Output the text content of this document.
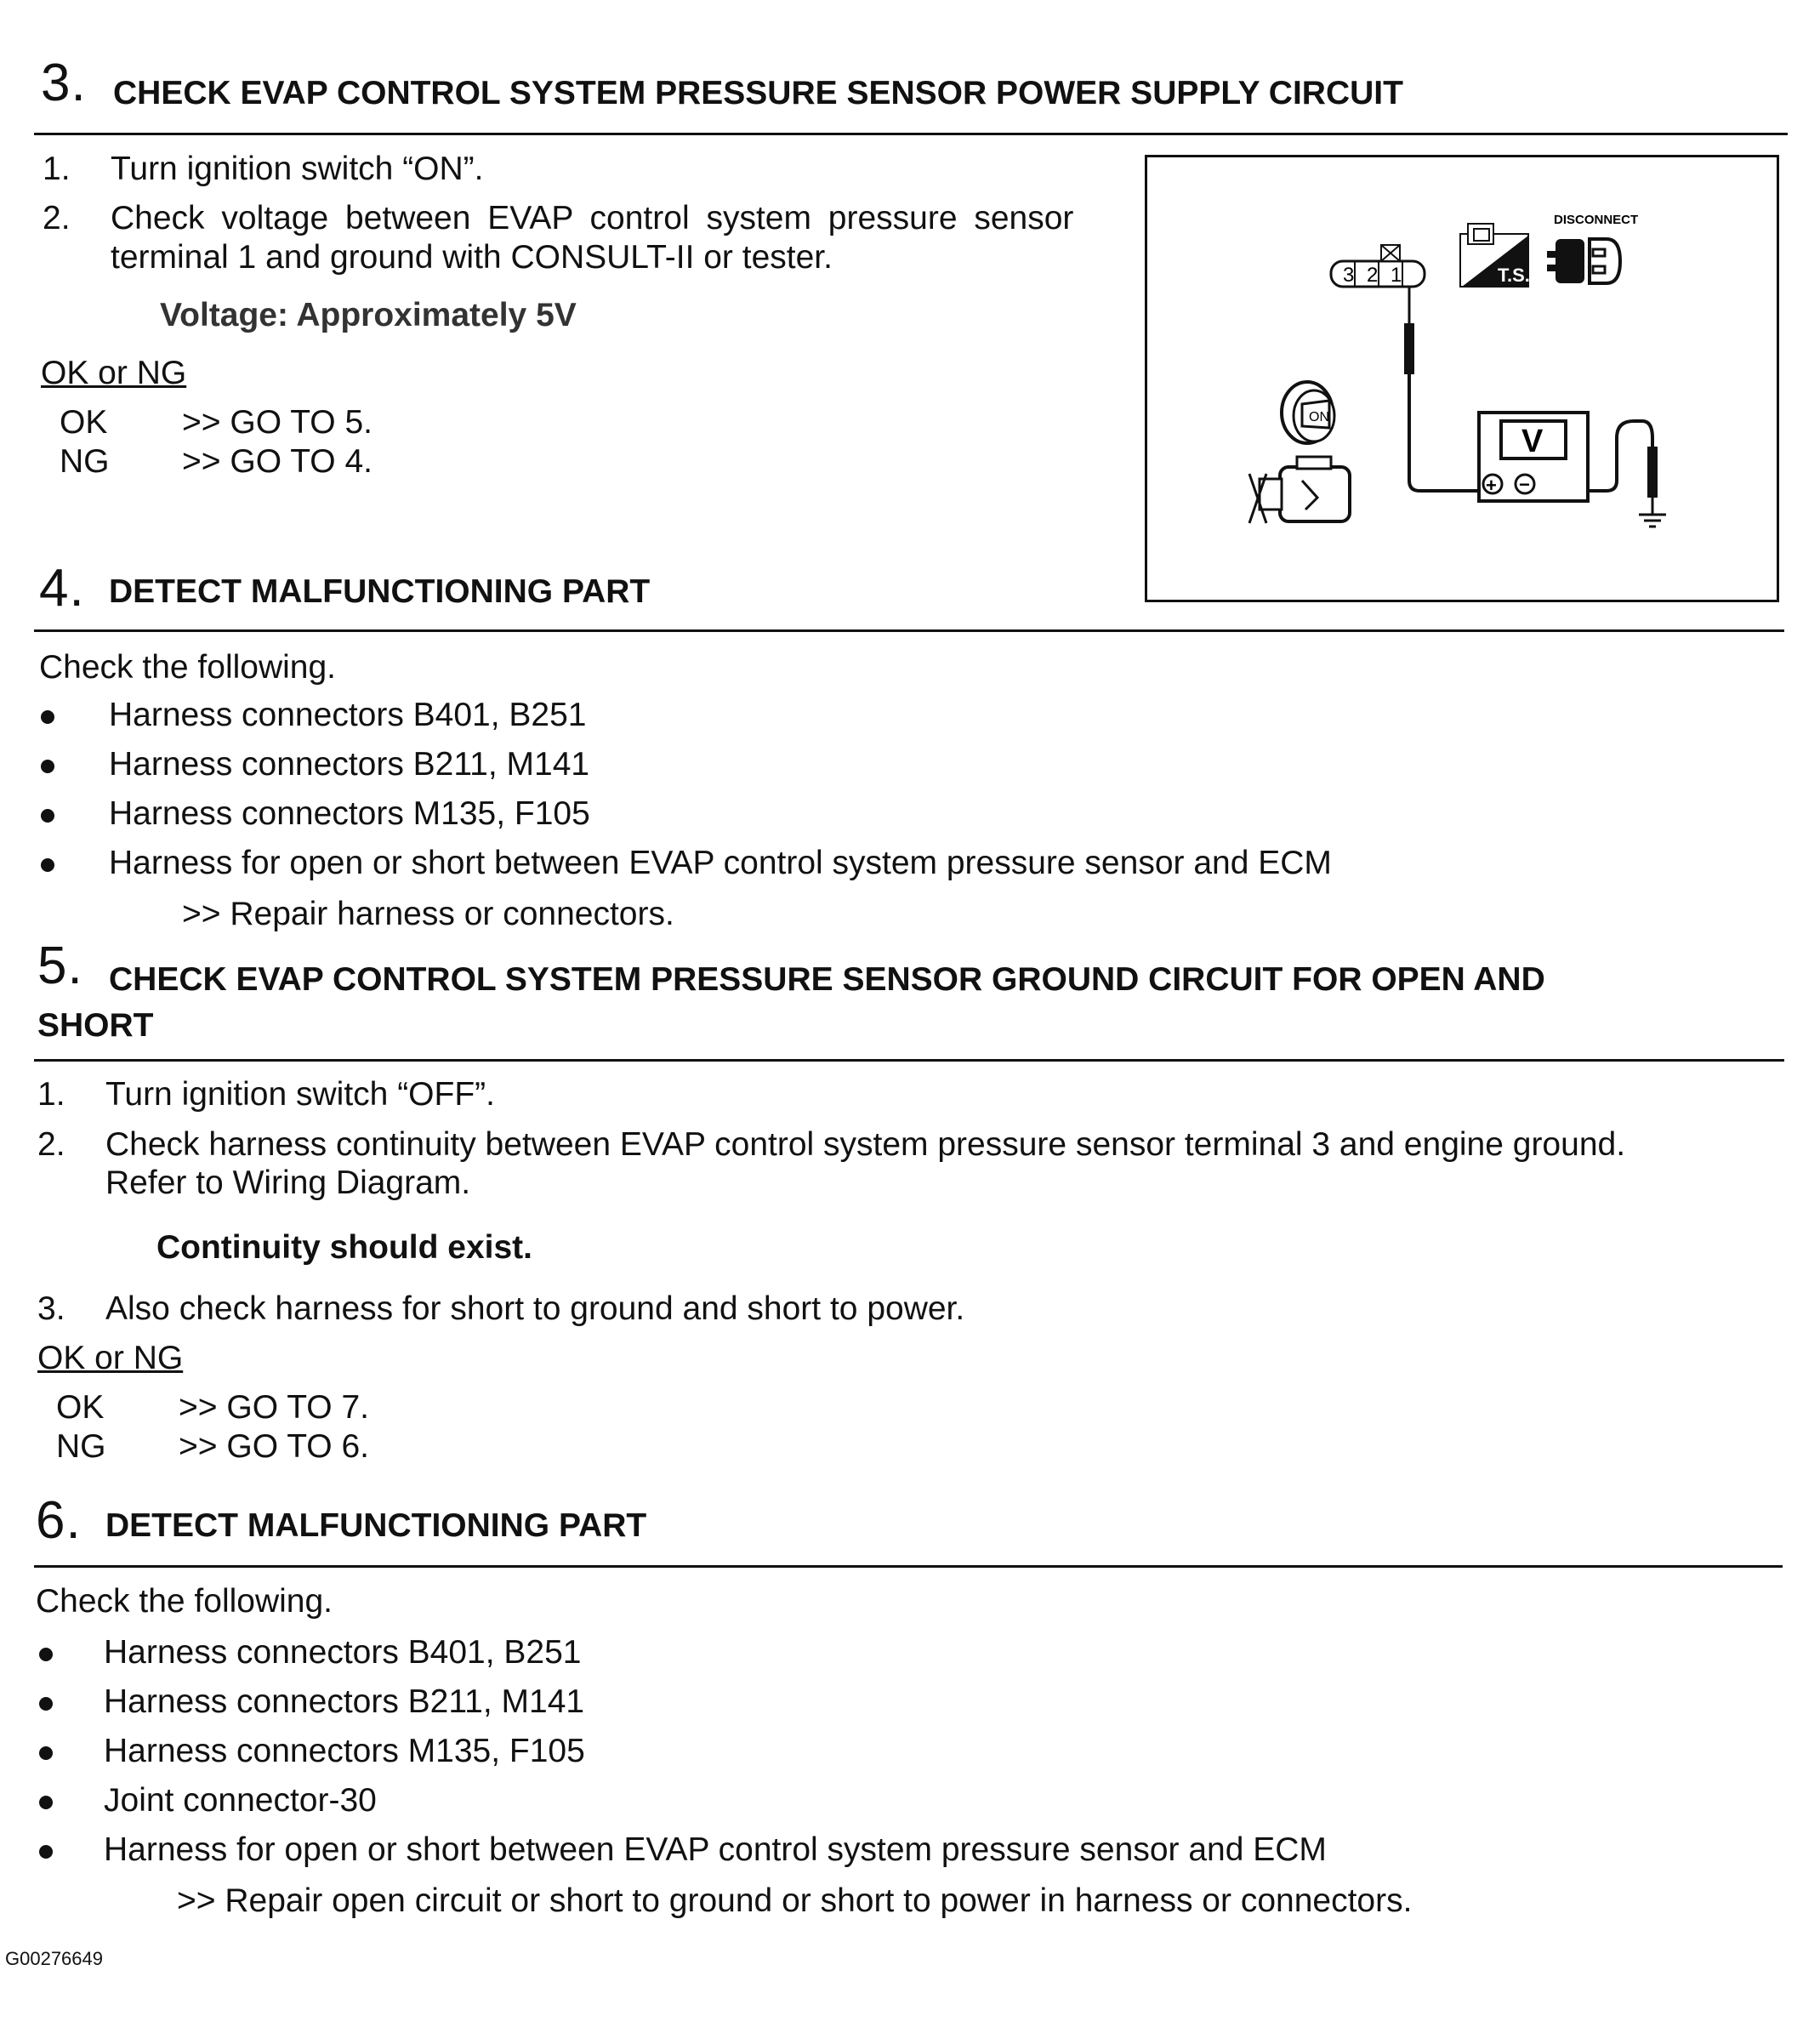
3. CHECK EVAP CONTROL SYSTEM PRESSURE SENSOR POWER SUPPLY CIRCUIT
1. Turn ignition switch “ON”.
2. Check voltage between EVAP control system pressure sensor
terminal 1 and ground with CONSULT-II or tester.
Voltage: Approximately 5V
OK or NG
OK >> GO TO 5.
NG >> GO TO 4.
3 2 1	T.S.
DISCONNECT
ON
V
+ −
4. DETECT MALFUNCTIONING PART
Check the following.
Harness connectors B401, B251
Harness connectors B211, M141
Harness connectors M135, F105
Harness for open or short between EVAP control system pressure sensor and ECM
>> Repair harness or connectors.
5. CHECK EVAP CONTROL SYSTEM PRESSURE SENSOR GROUND CIRCUIT FOR OPEN AND
SHORT
1. Turn ignition switch “OFF”.
2. Check harness continuity between EVAP control system pressure sensor terminal 3 and engine ground.
Refer to Wiring Diagram.
Continuity should exist.
3. Also check harness for short to ground and short to power.
OK or NG
OK >> GO TO 7.
NG >> GO TO 6.
6. DETECT MALFUNCTIONING PART
Check the following.
Harness connectors B401, B251
Harness connectors B211, M141
Harness connectors M135, F105
Joint connector-30
Harness for open or short between EVAP control system pressure sensor and ECM
>> Repair open circuit or short to ground or short to power in harness or connectors.
G00276649
